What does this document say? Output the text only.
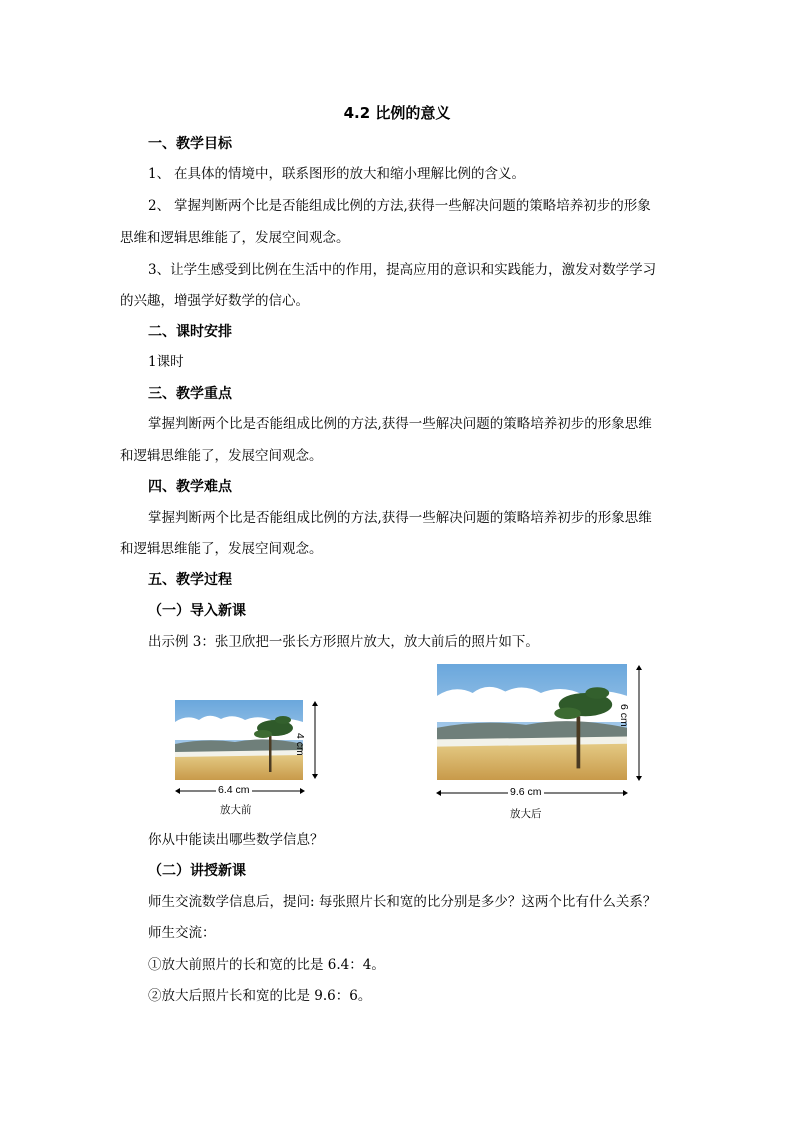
4.2 比例的意义
一、教学目标
1、 在具体的情境中，联系图形的放大和缩小理解比例的含义。
2、 掌握判断两个比是否能组成比例的方法,获得一些解决问题的策略培养初步的形象
思维和逻辑思维能了，发展空间观念。
3、让学生感受到比例在生活中的作用，提高应用的意识和实践能力，激发对数学学习
的兴趣，增强学好数学的信心。
二、课时安排
1课时
三、教学重点
掌握判断两个比是否能组成比例的方法,获得一些解决问题的策略培养初步的形象思维
和逻辑思维能了，发展空间观念。
四、教学难点
掌握判断两个比是否能组成比例的方法,获得一些解决问题的策略培养初步的形象思维
和逻辑思维能了，发展空间观念。
五、教学过程
（一）导入新课
出示例 3：张卫欣把一张长方形照片放大，放大前后的照片如下。
4 cm
6.4 cm
放大前
6 cm
9.6 cm
放大后
你从中能读出哪些数学信息？
（二）讲授新课
师生交流数学信息后，提问: 每张照片长和宽的比分别是多少？这两个比有什么关系？
师生交流：
①放大前照片的长和宽的比是 6.4：4。
②放大后照片长和宽的比是 9.6：6。
